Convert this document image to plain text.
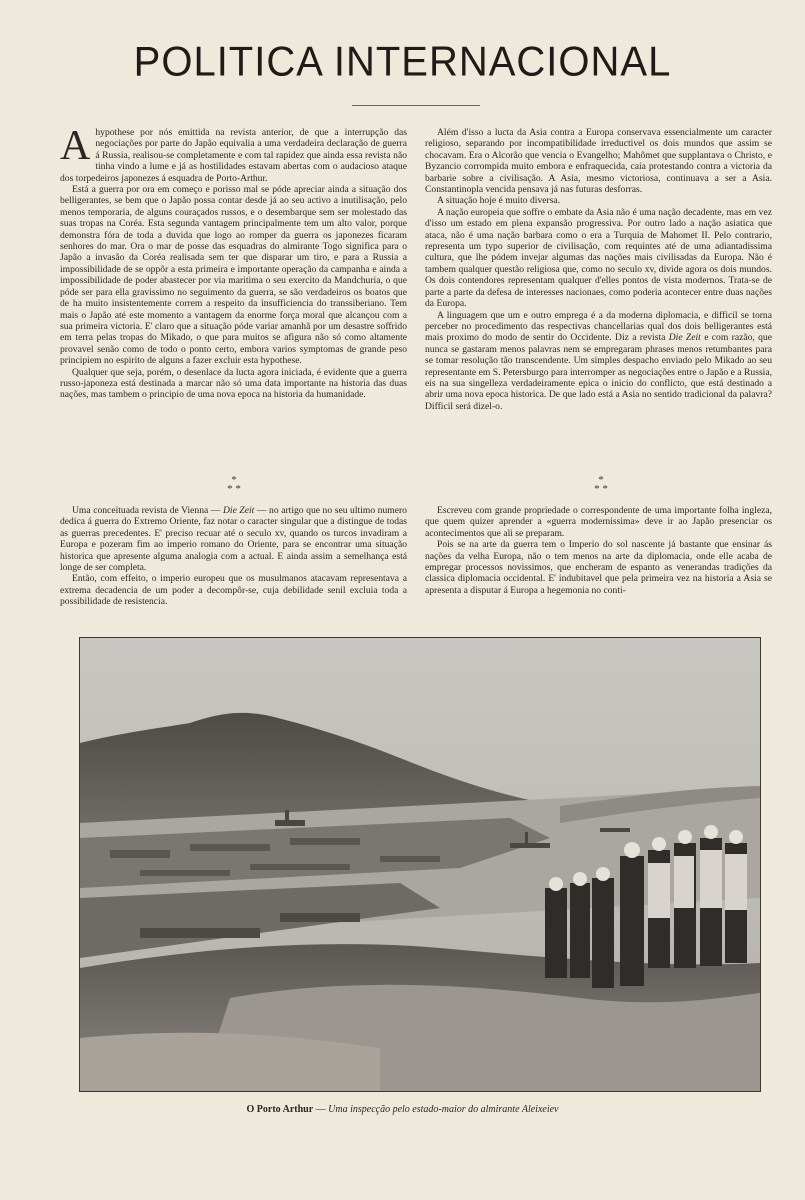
POLITICA INTERNACIONAL

Ahypothese por nós emittida na revista anterior, de que a interrupção das negociações por parte do Japão equivalia a uma verdadeira declaração de guerra á Russia, realisou-se completamente e com tal rapidez que ainda essa revista não tinha vindo a lume e já as hostilidades estavam abertas com o audacioso ataque dos torpedeiros japonezes á esquadra de Porto-Arthur.

Está a guerra por ora em começo e porisso mal se póde apreciar ainda a situação dos belligerantes, se bem que o Japão possa contar desde já ao seu activo a inutilisação, pelo menos temporaria, de alguns couraçados russos, e o desembarque sem ser molestado das suas tropas na Coréa. Esta segunda vantagem principalmente tem um alto valor, porque demonstra fóra de toda a duvida que logo ao romper da guerra os japonezes ficaram senhores do mar. Ora o mar de posse das esquadras do almirante Togo significa para o Japão a invasão da Coréa realisada sem ter que disparar um tiro, e para a Russia a impossibilidade de se oppôr a esta primeira e importante operação da campanha e ainda a impossibilidade de poder abastecer por via maritima o seu exercito da Mandchuria, o que póde ser para ella gravissimo no seguimento da guerra, se são verdadeiros os boatos que de ha muito insistentemente correm a respeito da insufficiencia do transsiberiano. Tem mais o Japão até este momento a vantagem da enorme força moral que alcançou com a sua primeira victoria. E' claro que a situação póde variar amanhã por um desastre soffrido em terra pelas tropas do Mikado, o que para muitos se afigura não só como altamente provavel senão como de todo o ponto certo, embora varios symptomas de grande peso principiem no espirito de alguns a fazer excluir esta hypothese.

Qualquer que seja, porém, o desenlace da lucta agora iniciada, é evidente que a guerra russo-japoneza está destinada a marcar não só uma data importante na historia das duas nações, mas tambem o principio de uma nova epoca na historia da humanidade.

Além d'isso a lucta da Asia contra a Europa conservava essencialmente um caracter religioso, separando por incompatibilidade irreductivel os dois mundos que assim se chocavam. Era o Alcorão que vencia o Evangelho; Mahômet que supplantava o Christo, e Byzancio corrompida muito embora e enfraquecida, caía protestando contra a victoria da barbarie sobre a civilisação. A Asia, mesmo victoriosa, continuava a ser a Asia. Constantinopla vencida pensava já nas futuras desforras.

A situação hoje é muito diversa.

A nação europeia que soffre o embate da Asia não é uma nação decadente, mas em vez d'isso um estado em plena expansão progressiva. Por outro lado a nação asiatica que ataca, não é uma nação barbara como o era a Turquia de Mahomet II. Pelo contrario, representa um typo superior de civilisação, com requintes até de uma adiantadissima cultura, que lhe pódem invejar algumas das nações mais civilisadas da Europa. Não é tambem qualquer questão religiosa que, como no seculo xv, divide agora os dois mundos. Os dois contendores representam qualquer d'elles pontos de vista modernos. Trata-se de parte a parte da defesa de interesses nacionaes, como poderia acontecer entre duas nações da Europa.

A linguagem que um e outro emprega é a da moderna diplomacia, e difficil se torna perceber no procedimento das respectivas chancellarias qual dos dois belligerantes está mais proximo do modo de sentir do Occidente. Diz a revista Die Zeit e com razão, que nunca se gastaram menos palavras nem se empregaram phrases menos retumbantes para se tomar resolução tão transcendente. Um simples despacho enviado pelo Mikado ao seu representante em S. Petersburgo para interromper as negociações entre o Japão e a Russia, eis na sua singelleza verdadeiramente epica o inicio do conflicto, que está destinado a abrir uma nova epoca historica. De que lado está a Asia no sentido tradicional da palavra? Difficil será dizel-o.

*
* *
*
* *

Uma conceituada revista de Vienna — Die Zeit — no artigo que no seu ultimo numero dedica á guerra do Extremo Oriente, faz notar o caracter singular que a distingue de todas as guerras precedentes. E' preciso recuar até o seculo xv, quando os turcos invadiram a Europa e pozeram fim ao imperio romano do Oriente, para se encontrar uma situação historica que apresente alguma analogia com a actual. E ainda assim a semelhança está longe de ser completa.

Então, com effeito, o imperio europeu que os musulmanos atacavam representava a extrema decadencia de um poder a decompôr-se, cuja debilidade senil excluia toda a possibilidade de resistencia.

Escreveu com grande propriedade o correspondente de uma importante folha ingleza, que quem quizer aprender a «guerra modernissima» deve ir ao Japão presenciar os acontecimentos que ali se preparam.

Pois se na arte da guerra tem o Imperio do sol nascente já bastante que ensinar ás nações da velha Europa, não o tem menos na arte da diplomacia, onde elle acaba de empregar processos novissimos, que encheram de espanto as venerandas tradições da classica diplomacia occidental. E' indubitavel que pela primeira vez na historia a Asia se apresenta a disputar á Europa a hegemonia no conti-

O Porto Arthur — Uma inspecção pelo estado-maior do almirante Aleixeiev
